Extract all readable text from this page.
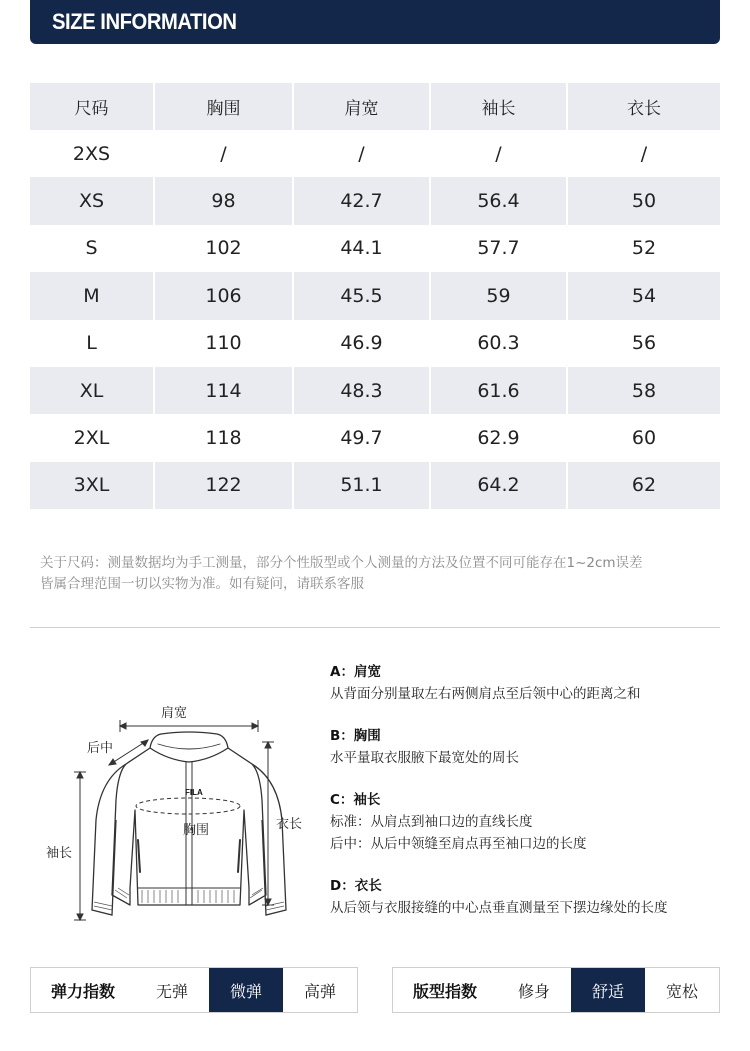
SIZE INFORMATION
尺码	胸围	肩宽	袖长	衣长
2XS	/	/	/	/
XS	98	42.7	56.4	50
S	102	44.1	57.7	52
M	106	45.5	59	54
L	110	46.9	60.3	56
XL	114	48.3	61.6	58
2XL	118	49.7	62.9	60
3XL	122	51.1	64.2	62
关于尺码：测量数据均为手工测量，部分个性版型或个人测量的方法及位置不同可能存在1~2cm误差
皆属合理范围一切以实物为准。如有疑问，请联系客服
FILA
肩宽
后中
袖长
胸围	衣长
A：肩宽
从背面分别量取左右两侧肩点至后领中心的距离之和
B：胸围
水平量取衣服腋下最宽处的周长
C：袖长
标准：从肩点到袖口边的直线长度
后中：从后中领缝至肩点再至袖口边的长度
D：衣长
从后领与衣服接缝的中心点垂直测量至下摆边缘处的长度
弹力指数	无弹	微弹	高弹	版型指数	修身	舒适	宽松
